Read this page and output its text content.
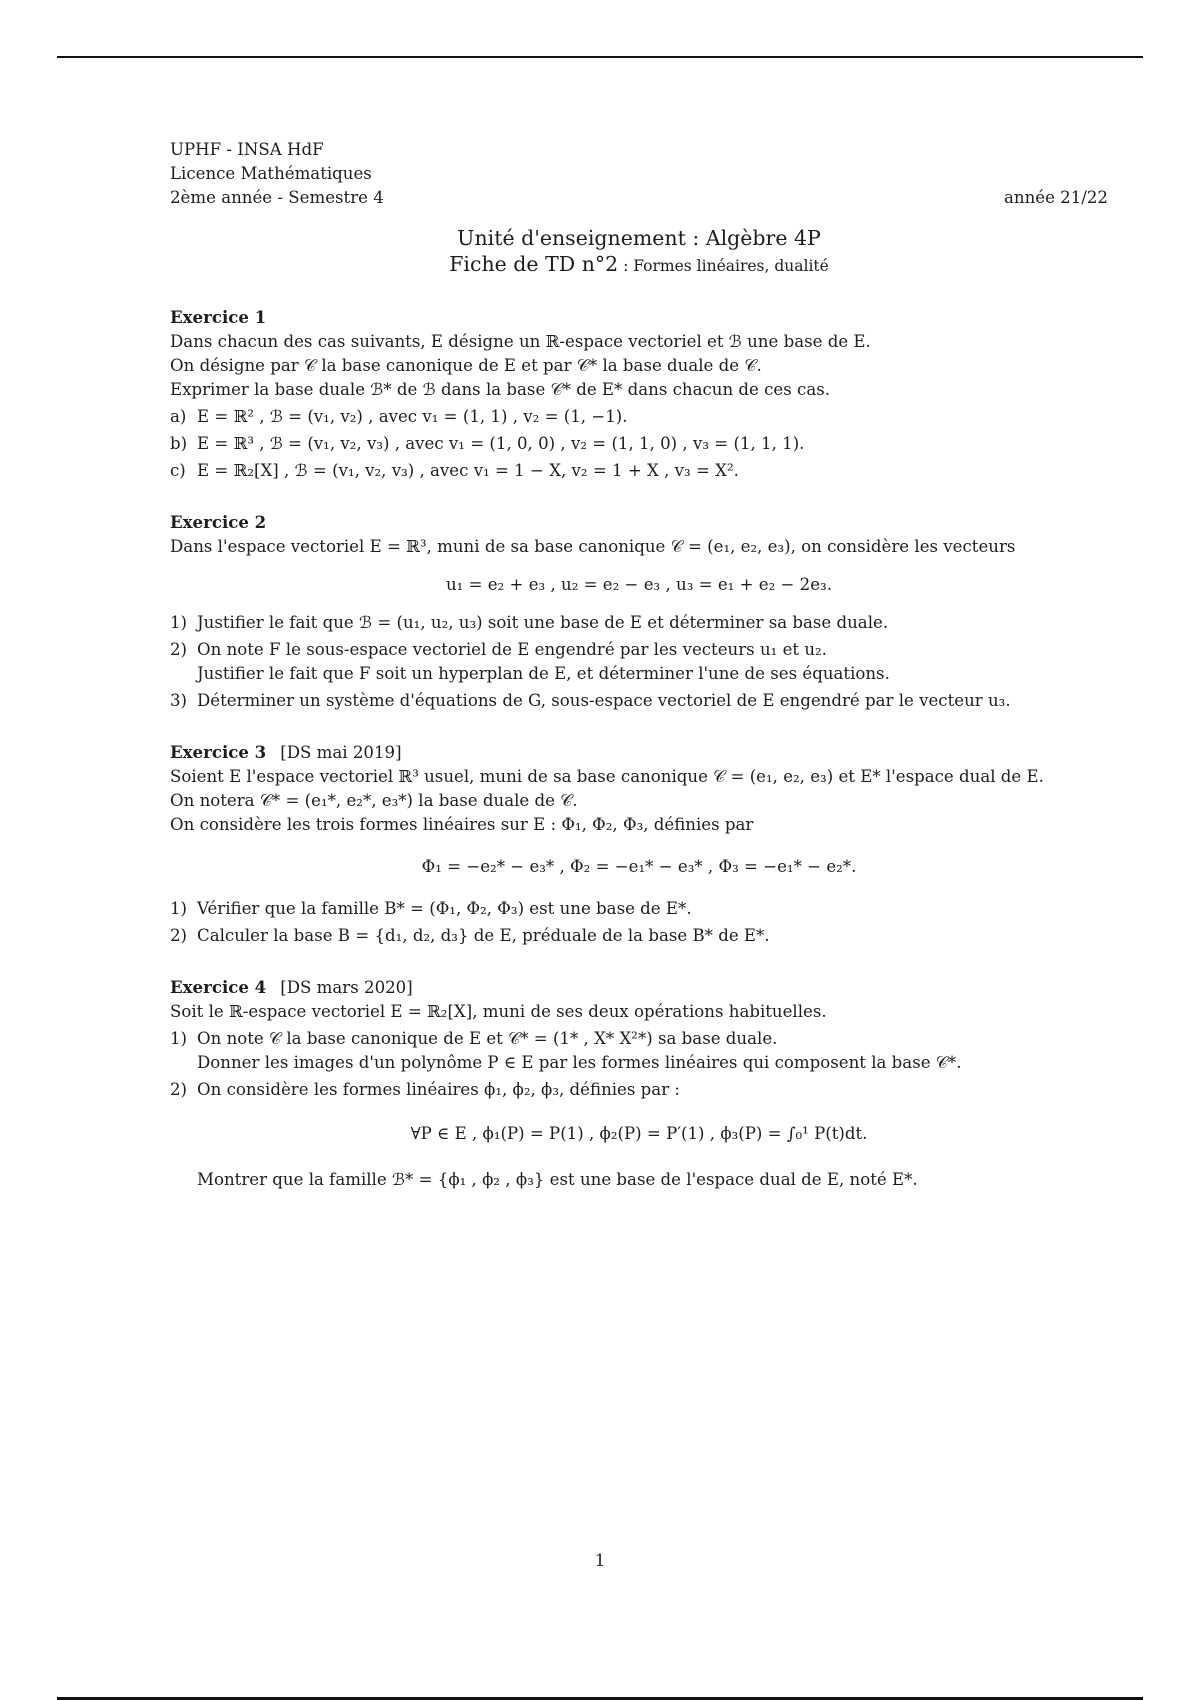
UPHF - INSA HdF
Licence Mathématiques
2ème année - Semestre 4	année 21/22
Unité d'enseignement : Algèbre 4P
Fiche de TD n°2 : Formes linéaires, dualité
Exercice 1
Dans chacun des cas suivants, E désigne un ℝ-espace vectoriel et ℬ une base de E.
On désigne par 𝒞 la base canonique de E et par 𝒞* la base duale de 𝒞.
Exprimer la base duale ℬ* de ℬ dans la base 𝒞* de E* dans chacun de ces cas.
a) E = ℝ² , ℬ = (v₁, v₂) , avec v₁ = (1, 1) , v₂ = (1, −1).
b) E = ℝ³ , ℬ = (v₁, v₂, v₃) , avec v₁ = (1, 0, 0) , v₂ = (1, 1, 0) , v₃ = (1, 1, 1).
c) E = ℝ₂[X] , ℬ = (v₁, v₂, v₃) , avec v₁ = 1 − X, v₂ = 1 + X , v₃ = X².
Exercice 2
Dans l'espace vectoriel E = ℝ³, muni de sa base canonique 𝒞 = (e₁, e₂, e₃), on considère les vecteurs
u₁ = e₂ + e₃ , u₂ = e₂ − e₃ , u₃ = e₁ + e₂ − 2e₃.
1) Justifier le fait que ℬ = (u₁, u₂, u₃) soit une base de E et déterminer sa base duale.
2) On note F le sous-espace vectoriel de E engendré par les vecteurs u₁ et u₂.
Justifier le fait que F soit un hyperplan de E, et déterminer l'une de ses équations.
3) Déterminer un système d'équations de G, sous-espace vectoriel de E engendré par le vecteur u₃.
Exercice 3 [DS mai 2019]
Soient E l'espace vectoriel ℝ³ usuel, muni de sa base canonique 𝒞 = (e₁, e₂, e₃) et E* l'espace dual de E.
On notera 𝒞* = (e₁*, e₂*, e₃*) la base duale de 𝒞.
On considère les trois formes linéaires sur E : Φ₁, Φ₂, Φ₃, définies par
Φ₁ = −e₂* − e₃* , Φ₂ = −e₁* − e₃* , Φ₃ = −e₁* − e₂*.
1) Vérifier que la famille B* = (Φ₁, Φ₂, Φ₃) est une base de E*.
2) Calculer la base B = {d₁, d₂, d₃} de E, préduale de la base B* de E*.
Exercice 4 [DS mars 2020]
Soit le ℝ-espace vectoriel E = ℝ₂[X], muni de ses deux opérations habituelles.
1) On note 𝒞 la base canonique de E et 𝒞* = (1* , X* X²*) sa base duale.
Donner les images d'un polynôme P ∈ E par les formes linéaires qui composent la base 𝒞*.
2) On considère les formes linéaires ϕ₁, ϕ₂, ϕ₃, définies par :
∀P ∈ E , ϕ₁(P) = P(1) , ϕ₂(P) = P′(1) , ϕ₃(P) = ∫₀¹ P(t)dt.
Montrer que la famille ℬ* = {ϕ₁ , ϕ₂ , ϕ₃} est une base de l'espace dual de E, noté E*.
1
